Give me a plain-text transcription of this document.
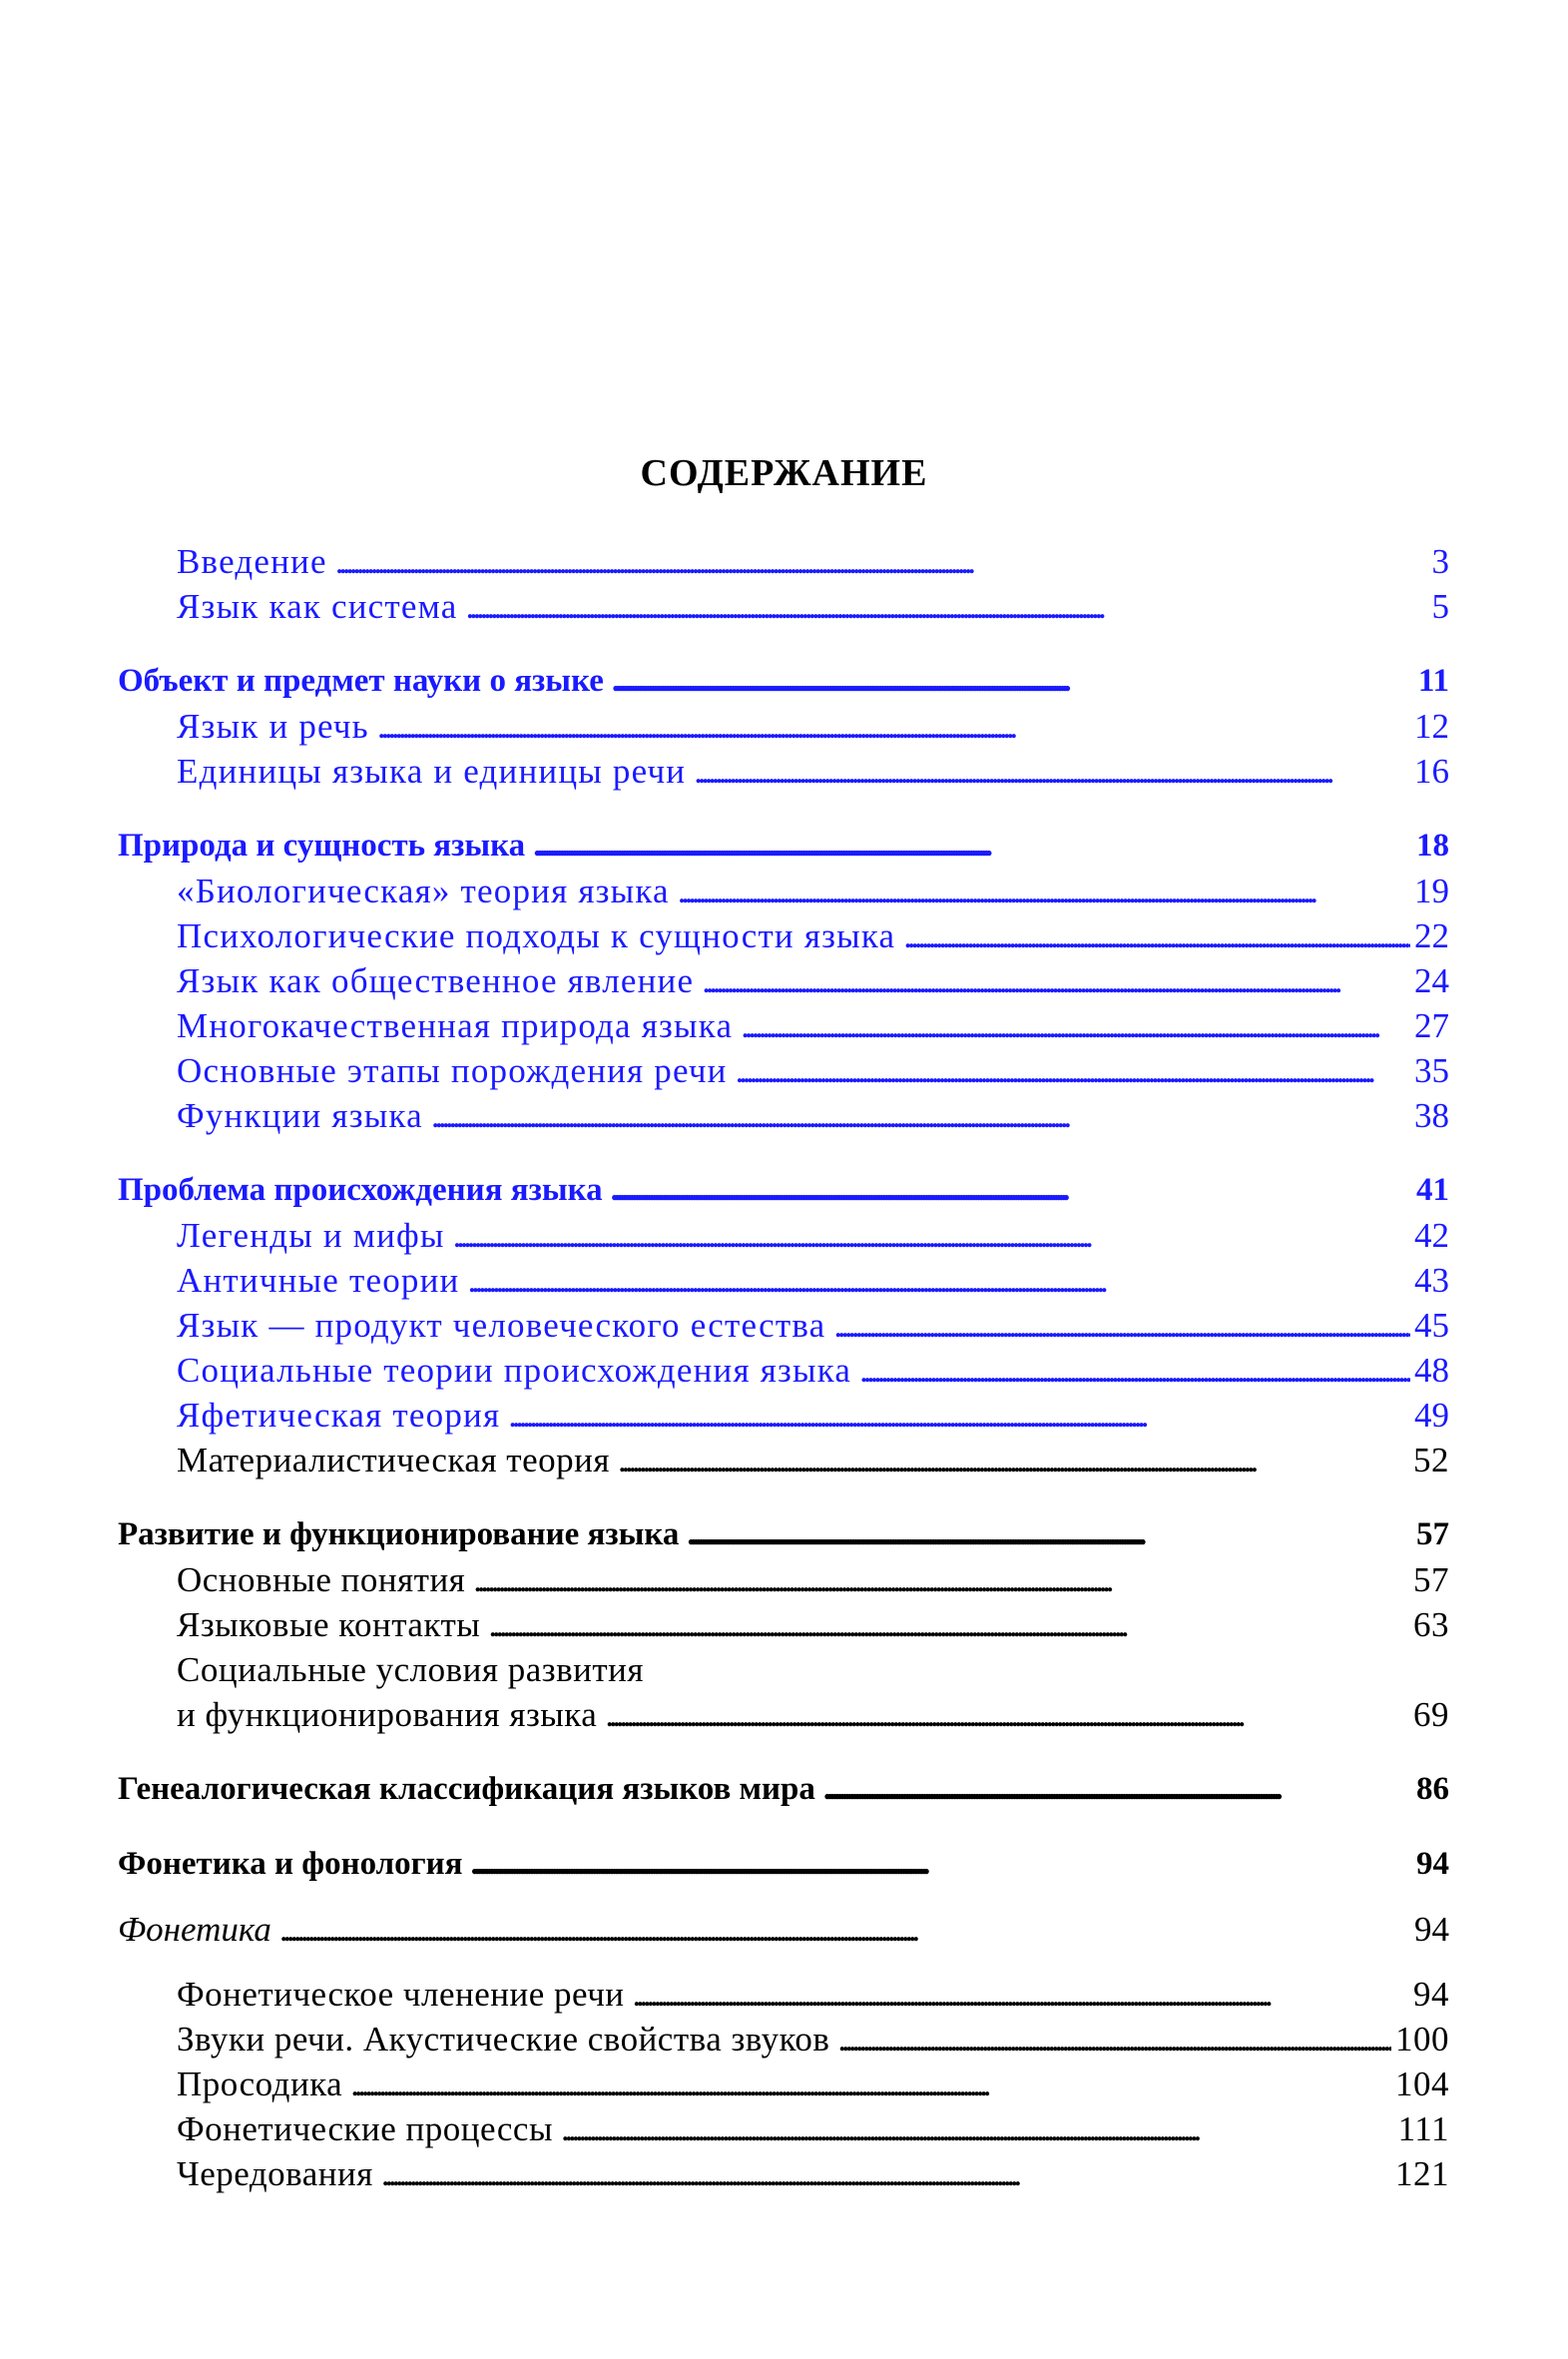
СОДЕРЖАНИЕ
Введение . . .	3
Язык как система . . .	5
Объект и предмет науки о языке . . .	11
Язык и речь . . .	12
Единицы языка и единицы речи . . .	16
Природа и сущность языка . . .	18
«Биологическая» теория языка . . .	19
Психологические подходы к сущности языка . . .	22
Язык как общественное явление . . .	24
Многокачественная природа языка . . .	27
Основные этапы порождения речи . . .	35
Функции языка . . .	38
Проблема происхождения языка . . .	41
Легенды и мифы . . .	42
Античные теории . . .	43
Язык — продукт человеческого естества . . .	45
Социальные теории происхождения языка . . .	48
Яфетическая теория . . .	49
Материалистическая теория . . .	52
Развитие и функционирование языка . . .	57
Основные понятия . . .	57
Языковые контакты . . .	63
Социальные условия развития
и функционирования языка . . .	69
Генеалогическая классификация языков мира . . .	86
Фонетика и фонология . . .	94
Фонетика . . .	94
Фонетическое членение речи . . .	94
Звуки речи. Акустические свойства звуков . . .	100
Просодика . . .	104
Фонетические процессы . . .	111
Чередования . . .	121
